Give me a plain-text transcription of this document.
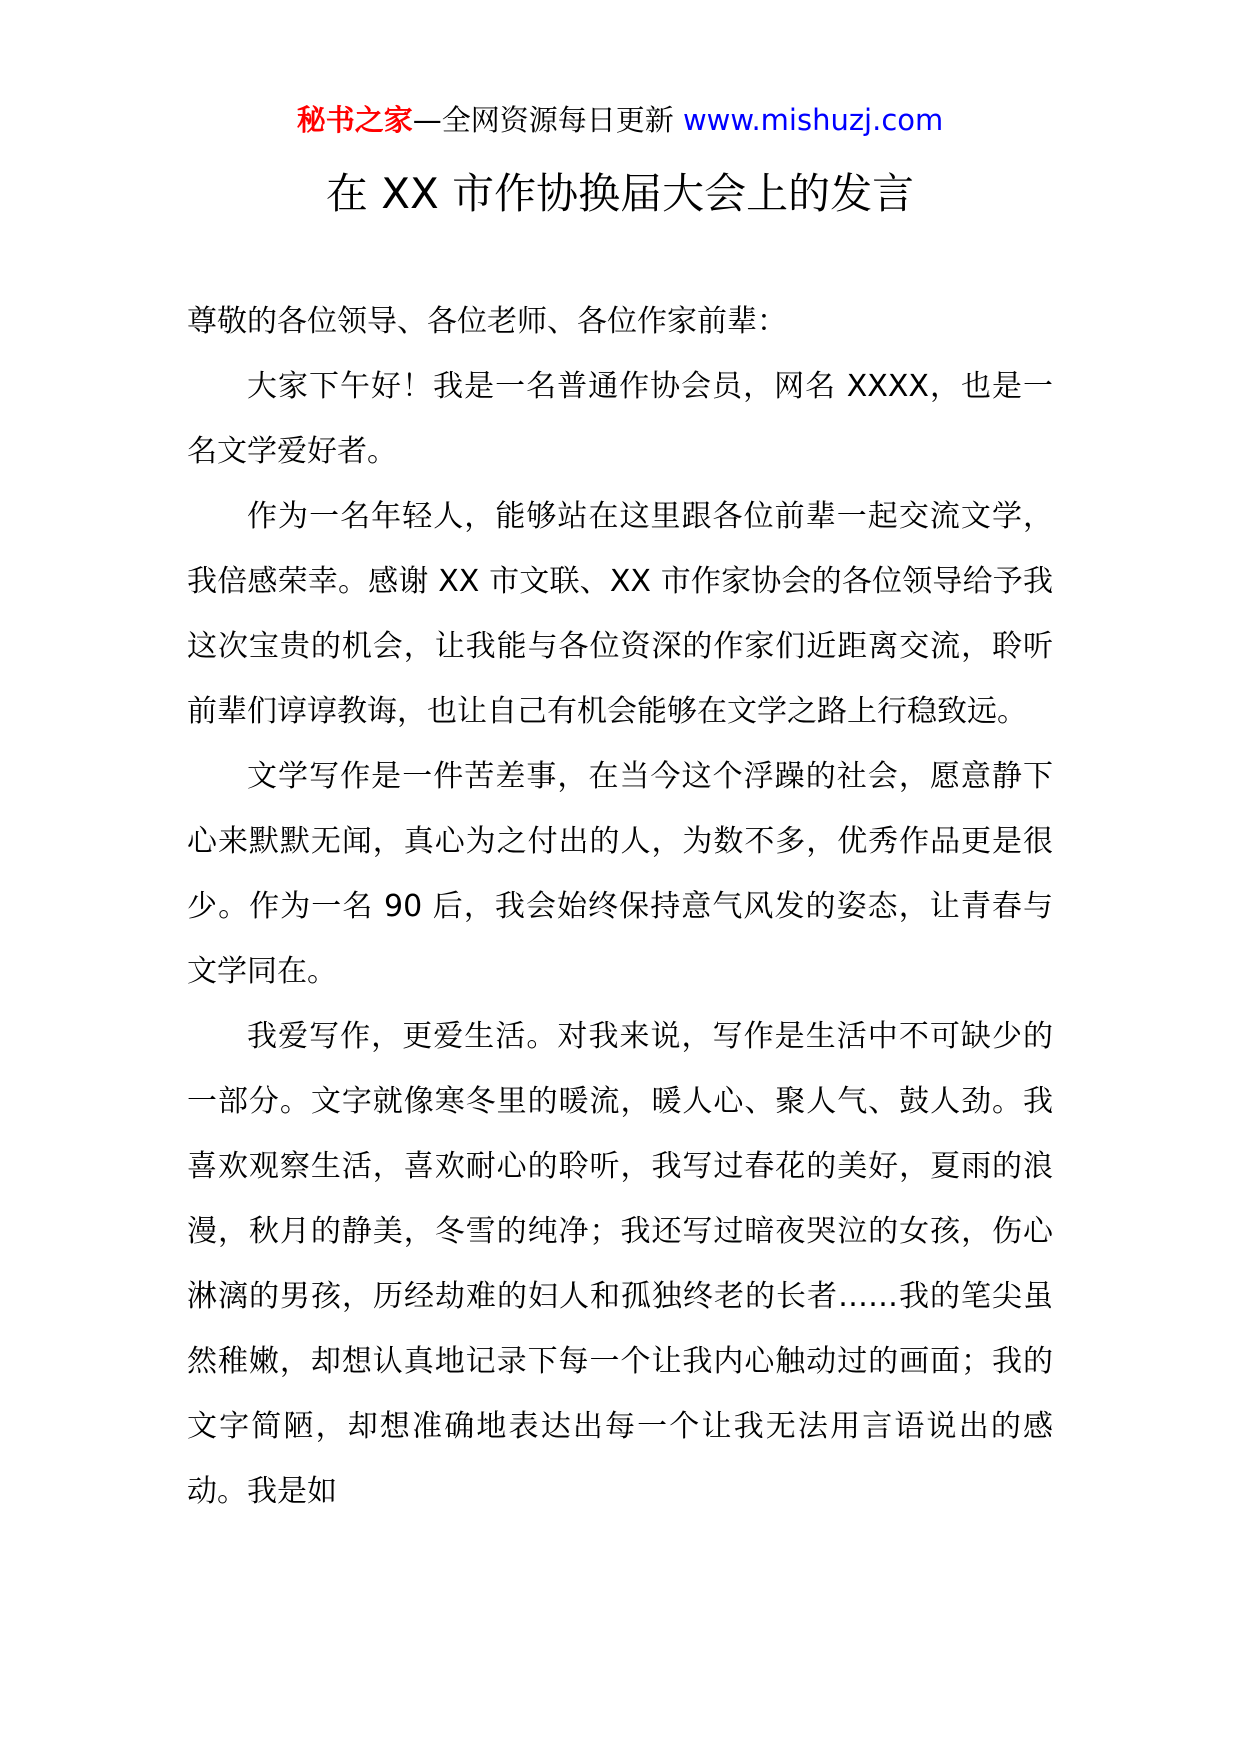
秘书之家—全网资源每日更新 www.mishuzj.com
在 XX 市作协换届大会上的发言

尊敬的各位领导、各位老师、各位作家前辈：

大家下午好！我是一名普通作协会员，网名 XXXX，也是一名文学爱好者。

作为一名年轻人，能够站在这里跟各位前辈一起交流文学，我倍感荣幸。感谢 XX 市文联、XX 市作家协会的各位领导给予我这次宝贵的机会，让我能与各位资深的作家们近距离交流，聆听前辈们谆谆教诲，也让自己有机会能够在文学之路上行稳致远。

文学写作是一件苦差事，在当今这个浮躁的社会，愿意静下心来默默无闻，真心为之付出的人，为数不多，优秀作品更是很少。作为一名 90 后，我会始终保持意气风发的姿态，让青春与文学同在。

我爱写作，更爱生活。对我来说，写作是生活中不可缺少的一部分。文字就像寒冬里的暖流，暖人心、聚人气、鼓人劲。我喜欢观察生活，喜欢耐心的聆听，我写过春花的美好，夏雨的浪漫，秋月的静美，冬雪的纯净；我还写过暗夜哭泣的女孩，伤心淋漓的男孩，历经劫难的妇人和孤独终老的长者……我的笔尖虽然稚嫩，却想认真地记录下每一个让我内心触动过的画面；我的文字简陋，却想准确地表达出每一个让我无法用言语说出的感动。我是如
